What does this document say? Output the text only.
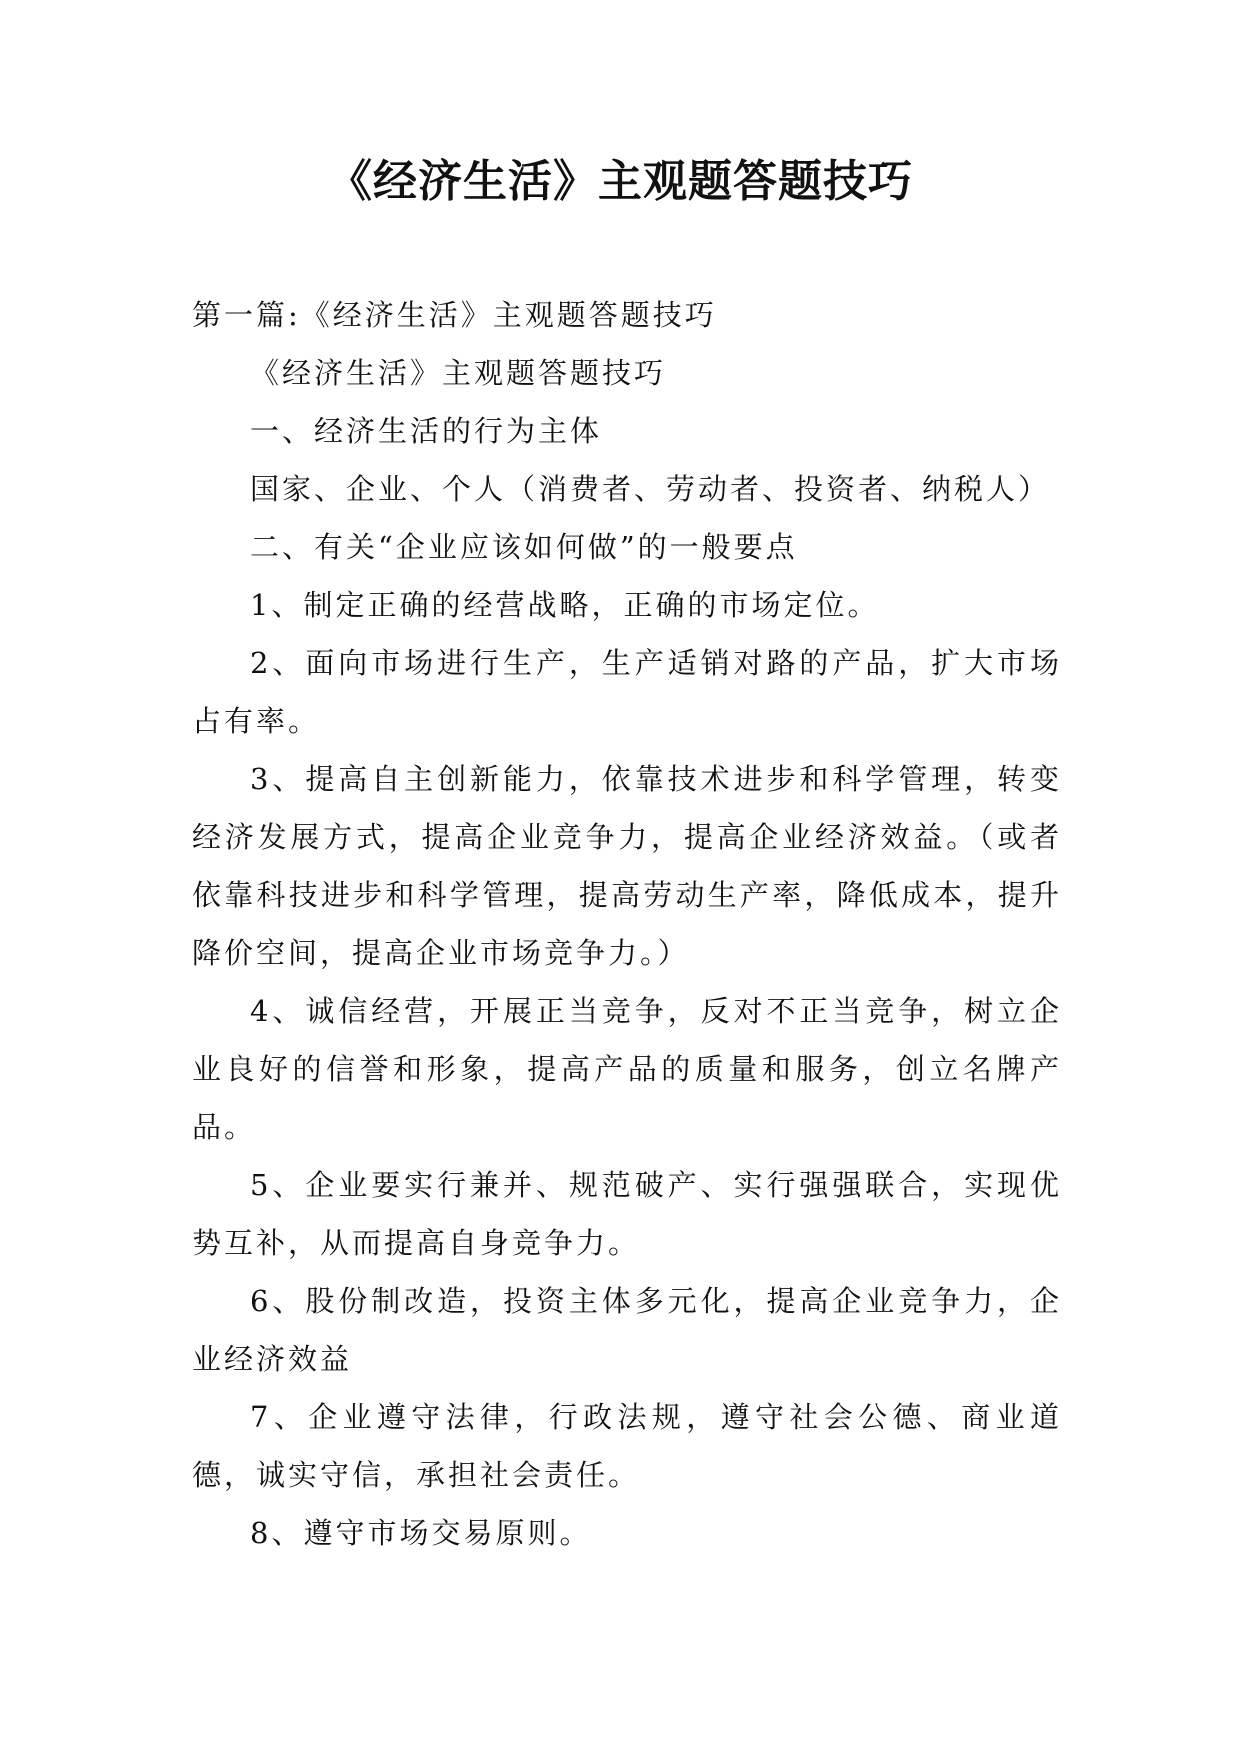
《经济生活》主观题答题技巧

第一篇:《经济生活》主观题答题技巧

《经济生活》主观题答题技巧

一、经济生活的行为主体

国家、企业、个人（消费者、劳动者、投资者、纳税人）

二、有关“企业应该如何做”的一般要点

1、制定正确的经营战略，正确的市场定位。

2、面向市场进行生产，生产适销对路的产品，扩大市场占有率。

3、提高自主创新能力，依靠技术进步和科学管理，转变经济发展方式，提高企业竞争力，提高企业经济效益。（或者依靠科技进步和科学管理，提高劳动生产率，降低成本，提升降价空间，提高企业市场竞争力。）

4、诚信经营，开展正当竞争，反对不正当竞争，树立企业良好的信誉和形象，提高产品的质量和服务，创立名牌产品。

5、企业要实行兼并、规范破产、实行强强联合，实现优势互补，从而提高自身竞争力。

6、股份制改造，投资主体多元化，提高企业竞争力，企业经济效益

7、企业遵守法律，行政法规，遵守社会公德、商业道德，诚实守信，承担社会责任。

8、遵守市场交易原则。
